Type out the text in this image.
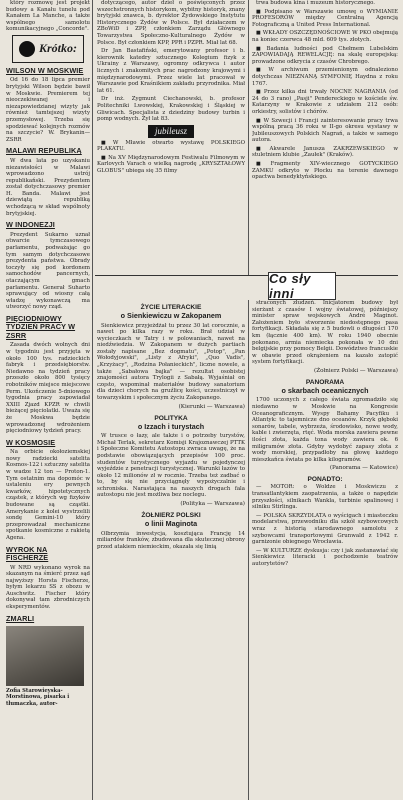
który rozmowę jest projekt budowy a Kanału tunelu pod Kanałem La Manche, a także wspólnego samolotu komunikacyjnego „Concorde".

Krótko:
WILSON W MOSKWIE

Od 16 do 18 lipca premier brytyjski Wilson będzie bawił w Moskwie. Premierem tej nieoczekiwanej i niezapowiedzianej wizyty jak również tamtejszej wizyty przemysłowej. Trzeba się spodziewać kolejnych rozmów na szczycie? W. Brykanin—ZSRR

MALAWI REPUBLIKĄ

W dwa lata po uzyskaniu niezawisłości w Malawi wprowadzono ustrój republikański. Prezydentem został dotychczasowy premier H. Banda. Malawi jest dziewiątą republiką wchodzącą w skład wspólnoty brytyjskiej.

W INDONEZJI

Prezydent Sukarno uznał otwarcie tymczasowego parlamentu, podważając go tym samym dotychczasowe prezydenta państwa. Obrady toczyły się pod kordonem samochodów pancernych, otaczającym gmach parlamentu. Generał Suharto sprawujący od wiosny całą władzę wykonawczą ma utworzyć nowy rząd.

PIĘCIODNIOWY TYDZIEŃ PRACY W ZSRR

Zasada dwóch wolnych dni w tygodniu jest przyjęta w około 100 tys. radzieckich fabryk i przedsiębiorstw. Niedawno na tydzień pracy przeszło około 800 tysięcy robotników miejsce miejscowe Perm. Ukończenie 5-dniowego tygodnia pracy zapowiadał XXIII Zjazd KPZR w chwili bieżącej pięciolatki. Uważa się że Moskwa będzie wprowadzonej wdrożeniem pięciodniowy tydzień pracy.

W KOSMOSIE

Na orbicie okołoziemskiej nowy radziecki satelita Kosmos-122 i sztuczny satelita w wadze 12 ton — Proton-1. Tym ostatnim ma dopomóc w ustaleniu ery pewnych kwarków, hipotetycznych cząstek, z których wg fizyków budowane są cząstki. Amerykanie z kolei wystrzelili sondę Gemini-10 który przeprowadzał mechaniczne spotkanie kosmiczne z rakietą Agena.

WYROK NA FISCHERZE

W NRD wykonano wyrok na skazanym na śmierć przez sąd najwyższy Horsta Fischerze, byłym lekarzu SS z obozu w Auschwitz. Fischer który dokonywał tam zbrodniczych eksperymentów.

ZMARLI

Zofia Starowieyska-Morstinowa, pisarka i tłumaczka, autor-

dotyczącego, autor dzieł o poświęconych przez wszechstronnych historykom, wybitny historyk, znany brytyjski znawca, b. dyrektor Żydowskiego Instytutu Historycznego Żydów w Polsce. Był działaczem w ZBoWiD i ZPP, członkiem Zarządu Głównego Towarzystwa Społeczno-Kulturalnego Żydów w Polsce. Był członkiem KPP, PPR i PZPR. Miał lat 68.

Dr Jan Bastafiński, emerytowany profesor i b. kierownik katedry sztucznego Kolegium fizyk z Ukrainy z Warszawy, ogromny odkrywca i autor licznych i znakomitych prac nagrodzony krajowymi i międzynarodowymi. Przez wiele lat pracował w Warszawie pod Kraśnikiem zakładu przyrodnika. Miał lat 61.

Dr inż. Zygmunt Ciechanowski, b. profesor Politechniki Lwowskiej, Krakowskiej i Śląskiej w Gliwicach. Specjalista z dziedziny budowy turbin i pomp wodnych. Żył lat 83.

jubileusz

■ W Mławie otwarto wystawę POLSKIEGO PLAKATU.

■ Na XV Międzynarodowym Festiwalu Filmowym w Karlovych Varach o wielką nagrodę „KRYSZTAŁOWY GLOBUS" ubiega się 35 filmy

trwa budowa kina i muzeum historycznego.

■ Podpisano w Warszawie umowę o WYMIANIE PROFESORÓW między Centralną Agencją Fotograficzną a United Press International.

■ WKŁADY OSZCZĘDNOŚCIOWE W PKO obejmują na koniec czerwca 48 mld. 609 tys. złotych.

■ Badania ludności pod Chełmem Lubelskim ZAPOWIADAJĄ REWELACJĘ: na skalę europejską: prowadzone odkrycia z czasów Chrobrego.

■ W archiwum przemienionym odnaleziono dotychczas NIEZNANĄ SYMFONIĘ Haydna z roku 1767.

■ Przez kilka dni trwały NOCNE NAGRANIA (od 24 do 3 rano) „Pasji" Pendereckiego w kościele św. Katarzyny w Krakowie z udziałem 212 osób: orkiestry, solistów i chórów.

■ W Szwecji i Francji zainteresowanie pracy trwa wspólną pracą 36 roku w II-go okresu wystawy w Jubileuszowych Polskich Nagrań, a także w samego autora.

■ Akwarele Janusza ZAKRZEWSKIEGO w stuletniem klubie „Zaułek" (Kraków).

■ Fragmenty XIV-wiecznego GOTYCKIEGO ZAMKU odkryto w Płocku na terenie dawnego opactwa benedyktyńskiego.

Co sły inni
ŻYCIE LITERACKIE
o Sienkiewiczu w Zakopanem

Sienkiewicz przyjeżdżał tu przez 30 lat corocznie, a nawet po kilka razy w roku. Brał udział w wycieczkach w Tatry i w polowaniach, nawet na niedźwiedzia. W Zakopanem w dużych partiach zostały napisane „Bez dogmatu", „Potop", „Pan Wołodyjowski", „Listy z Afryki", „Quo Vadis", „Krzyżacy", „Rodzina Połanieckich", liczne nowele, a także „Sabałowa bajka" — rezultat osobistej znajomości autora Trylogii z Sabałą. Wyjaśniał on często, wspominał materiałów budowy sanatorium dla dzieci chorych na gruźlicę kości, uczestniczył w towarzyskim i społecznym życiu Zakopanego.

(Kierunki — Warszawa)

POLITYKA
o Izzach i turystach

W trusce o łazy, ale także i o potrzeby turystów, Michał Terlak, sekretarz Komisji Krajoznawczej PTTK i Społeczne Komitetu Autostopu zwraca uwagę, że na podstawie obowiązujących przepisów 100 proc. studentów turystycznego wyjazdu w pojedynczej wyjeździe z penetracji turystycznej. Warunki łazów to około 12 milionów zł w rocznie. Trzeba też zadbać o to, by się nie przyciągnęły wypożyczalnie i schroniska. Narastająca na naszych drogach fala autostopu nie jest możliwa bez noclegu.

(Polityka — Warszawa)

ŻOŁNIERZ POLSKI
o linii Maginota

Olbrzymia inwestycja, kosztująca Francję 14 miliardów franków, zbudowana dla skutecznej obrony przed atakiem niemieckim, okazała się linią

straconych złudzeń. Inicjatorem budowy był sierżant z czasów I wojny światowej, późniejszy minister spraw wojskowych André Maginot. Założeniem było stworzenie niedostępnego pasa fortyfikacji. Składała się z 5 budowli o długości 170 km (łącznie 400 km). W roku 1940 obecnie pokonano, armia niemiecka pokonała w 10 dni belgijskie przy pomocy Belgii. Dowództwo francuskie w obawie przed okrążeniem na kazało zatopić system fortyfikacji.

(Żołnierz Polski — Warszawa)

PANORAMA
o skarbach oceanicznych

1700 uczonych z całego świata zgromadziło się niedawno w Moskwie na Kongresie Oceanograficznym. Wyspy Bahamy Pacyfiku i Atlantyk: to tajemnicze dno oceanów. Krzyk głęboki sonarów, tabele, wybrzeża, środowisko, nowe wody, kable i zwierzęta, rtęć. Woda morska zawiera pewne ilości złota, każda tona wody zawiera ok. 6 miligramów złota. Gdyby wydobyć zapasy złota z wody morskiej, przypadłoby na głowę każdego mieszkańca świata po kilka kilogramów.

(Panorama — Katowice)

PONADTO:

— MOTOR: o Woldze i Moskwiczu z transatlantykiem zaopatrzenia, a także o napędzie przyszłości, silnikach Wankla, turbinie spalinowej i silniku Stirlinga.

— POLSKA SKRZYDLATA o wyścigach i miasteczku modelarstwa, przewodniku dla szkół szybowcowych wraz z historią starodawnego samolotu z szybowcami transportowymi Grunwald z 1942 r. garnizonie obiegnego Wrocławia.

— W KULTURZE dyskusja: czy i jak zastanawiać się Sienkiewicz literacki i pochodzenie teatrów autorytetów?
